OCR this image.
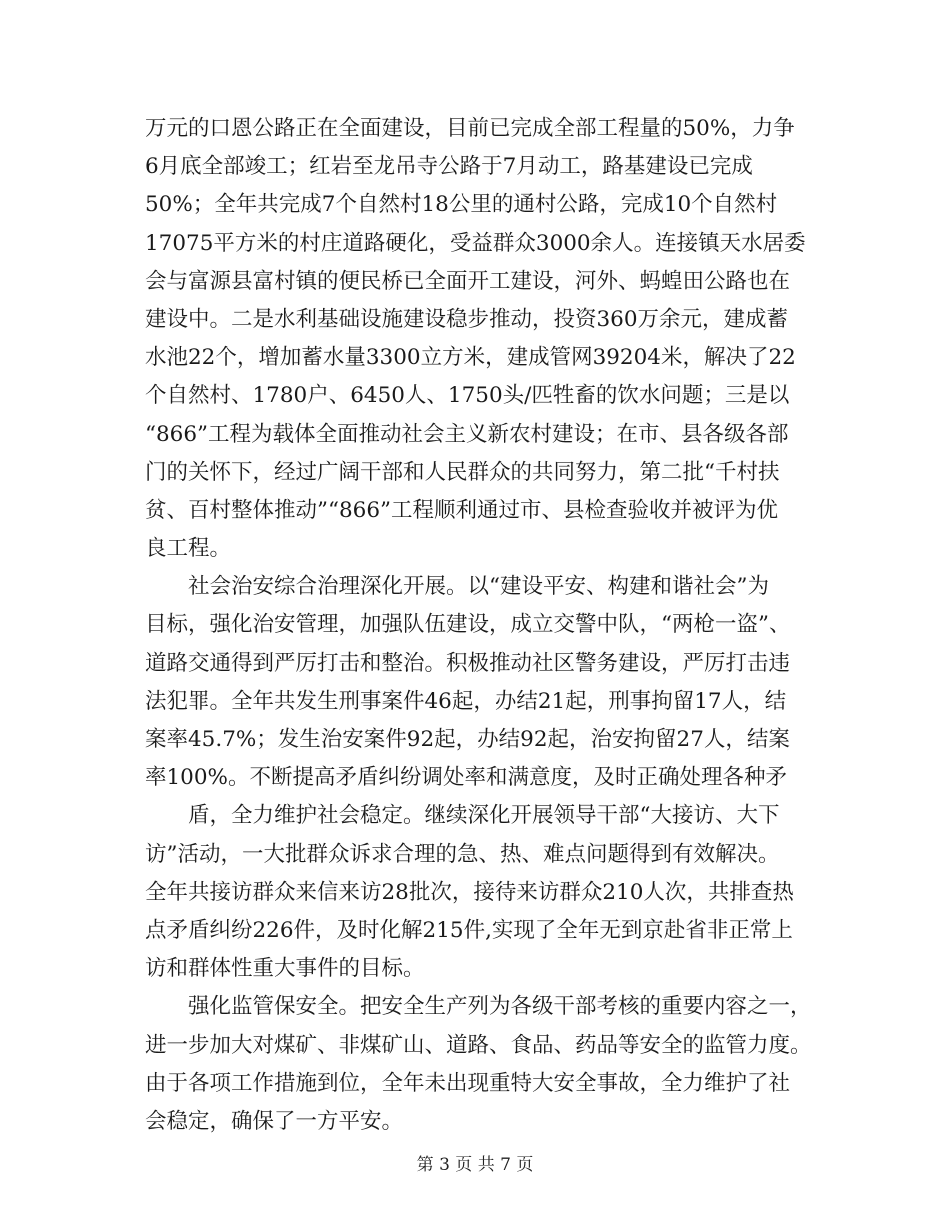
万元的口恩公路正在全面建设，目前已完成全部工程量的50%，力争
6月底全部竣工；红岩至龙吊寺公路于7月动工，路基建设已完成
50%；全年共完成7个自然村18公里的通村公路，完成10个自然村
17075平方米的村庄道路硬化，受益群众3000余人。连接镇天水居委
会与富源县富村镇的便民桥已全面开工建设，河外、蚂蝗田公路也在
建设中。二是水利基础设施建设稳步推动，投资360万余元，建成蓄
水池22个，增加蓄水量3300立方米，建成管网39204米，解决了22
个自然村、1780户、6450人、1750头/匹牲畜的饮水问题；三是以
“866”工程为载体全面推动社会主义新农村建设；在市、县各级各部
门的关怀下，经过广阔干部和人民群众的共同努力，第二批“千村扶
贫、百村整体推动”“866”工程顺利通过市、县检查验收并被评为优
良工程。
社会治安综合治理深化开展。以“建设平安、构建和谐社会”为
目标，强化治安管理，加强队伍建设，成立交警中队，“两枪一盗”、
道路交通得到严厉打击和整治。积极推动社区警务建设，严厉打击违
法犯罪。全年共发生刑事案件46起，办结21起，刑事拘留17人，结
案率45.7%；发生治安案件92起，办结92起，治安拘留27人，结案
率100%。不断提高矛盾纠纷调处率和满意度，及时正确处理各种矛
盾，全力维护社会稳定。继续深化开展领导干部“大接访、大下
访”活动，一大批群众诉求合理的急、热、难点问题得到有效解决。
全年共接访群众来信来访28批次，接待来访群众210人次，共排查热
点矛盾纠纷226件，及时化解215件,实现了全年无到京赴省非正常上
访和群体性重大事件的目标。
强化监管保安全。把安全生产列为各级干部考核的重要内容之一，
进一步加大对煤矿、非煤矿山、道路、食品、药品等安全的监管力度。
由于各项工作措施到位，全年未出现重特大安全事故，全力维护了社
会稳定，确保了一方平安。
第 3 页 共 7 页
